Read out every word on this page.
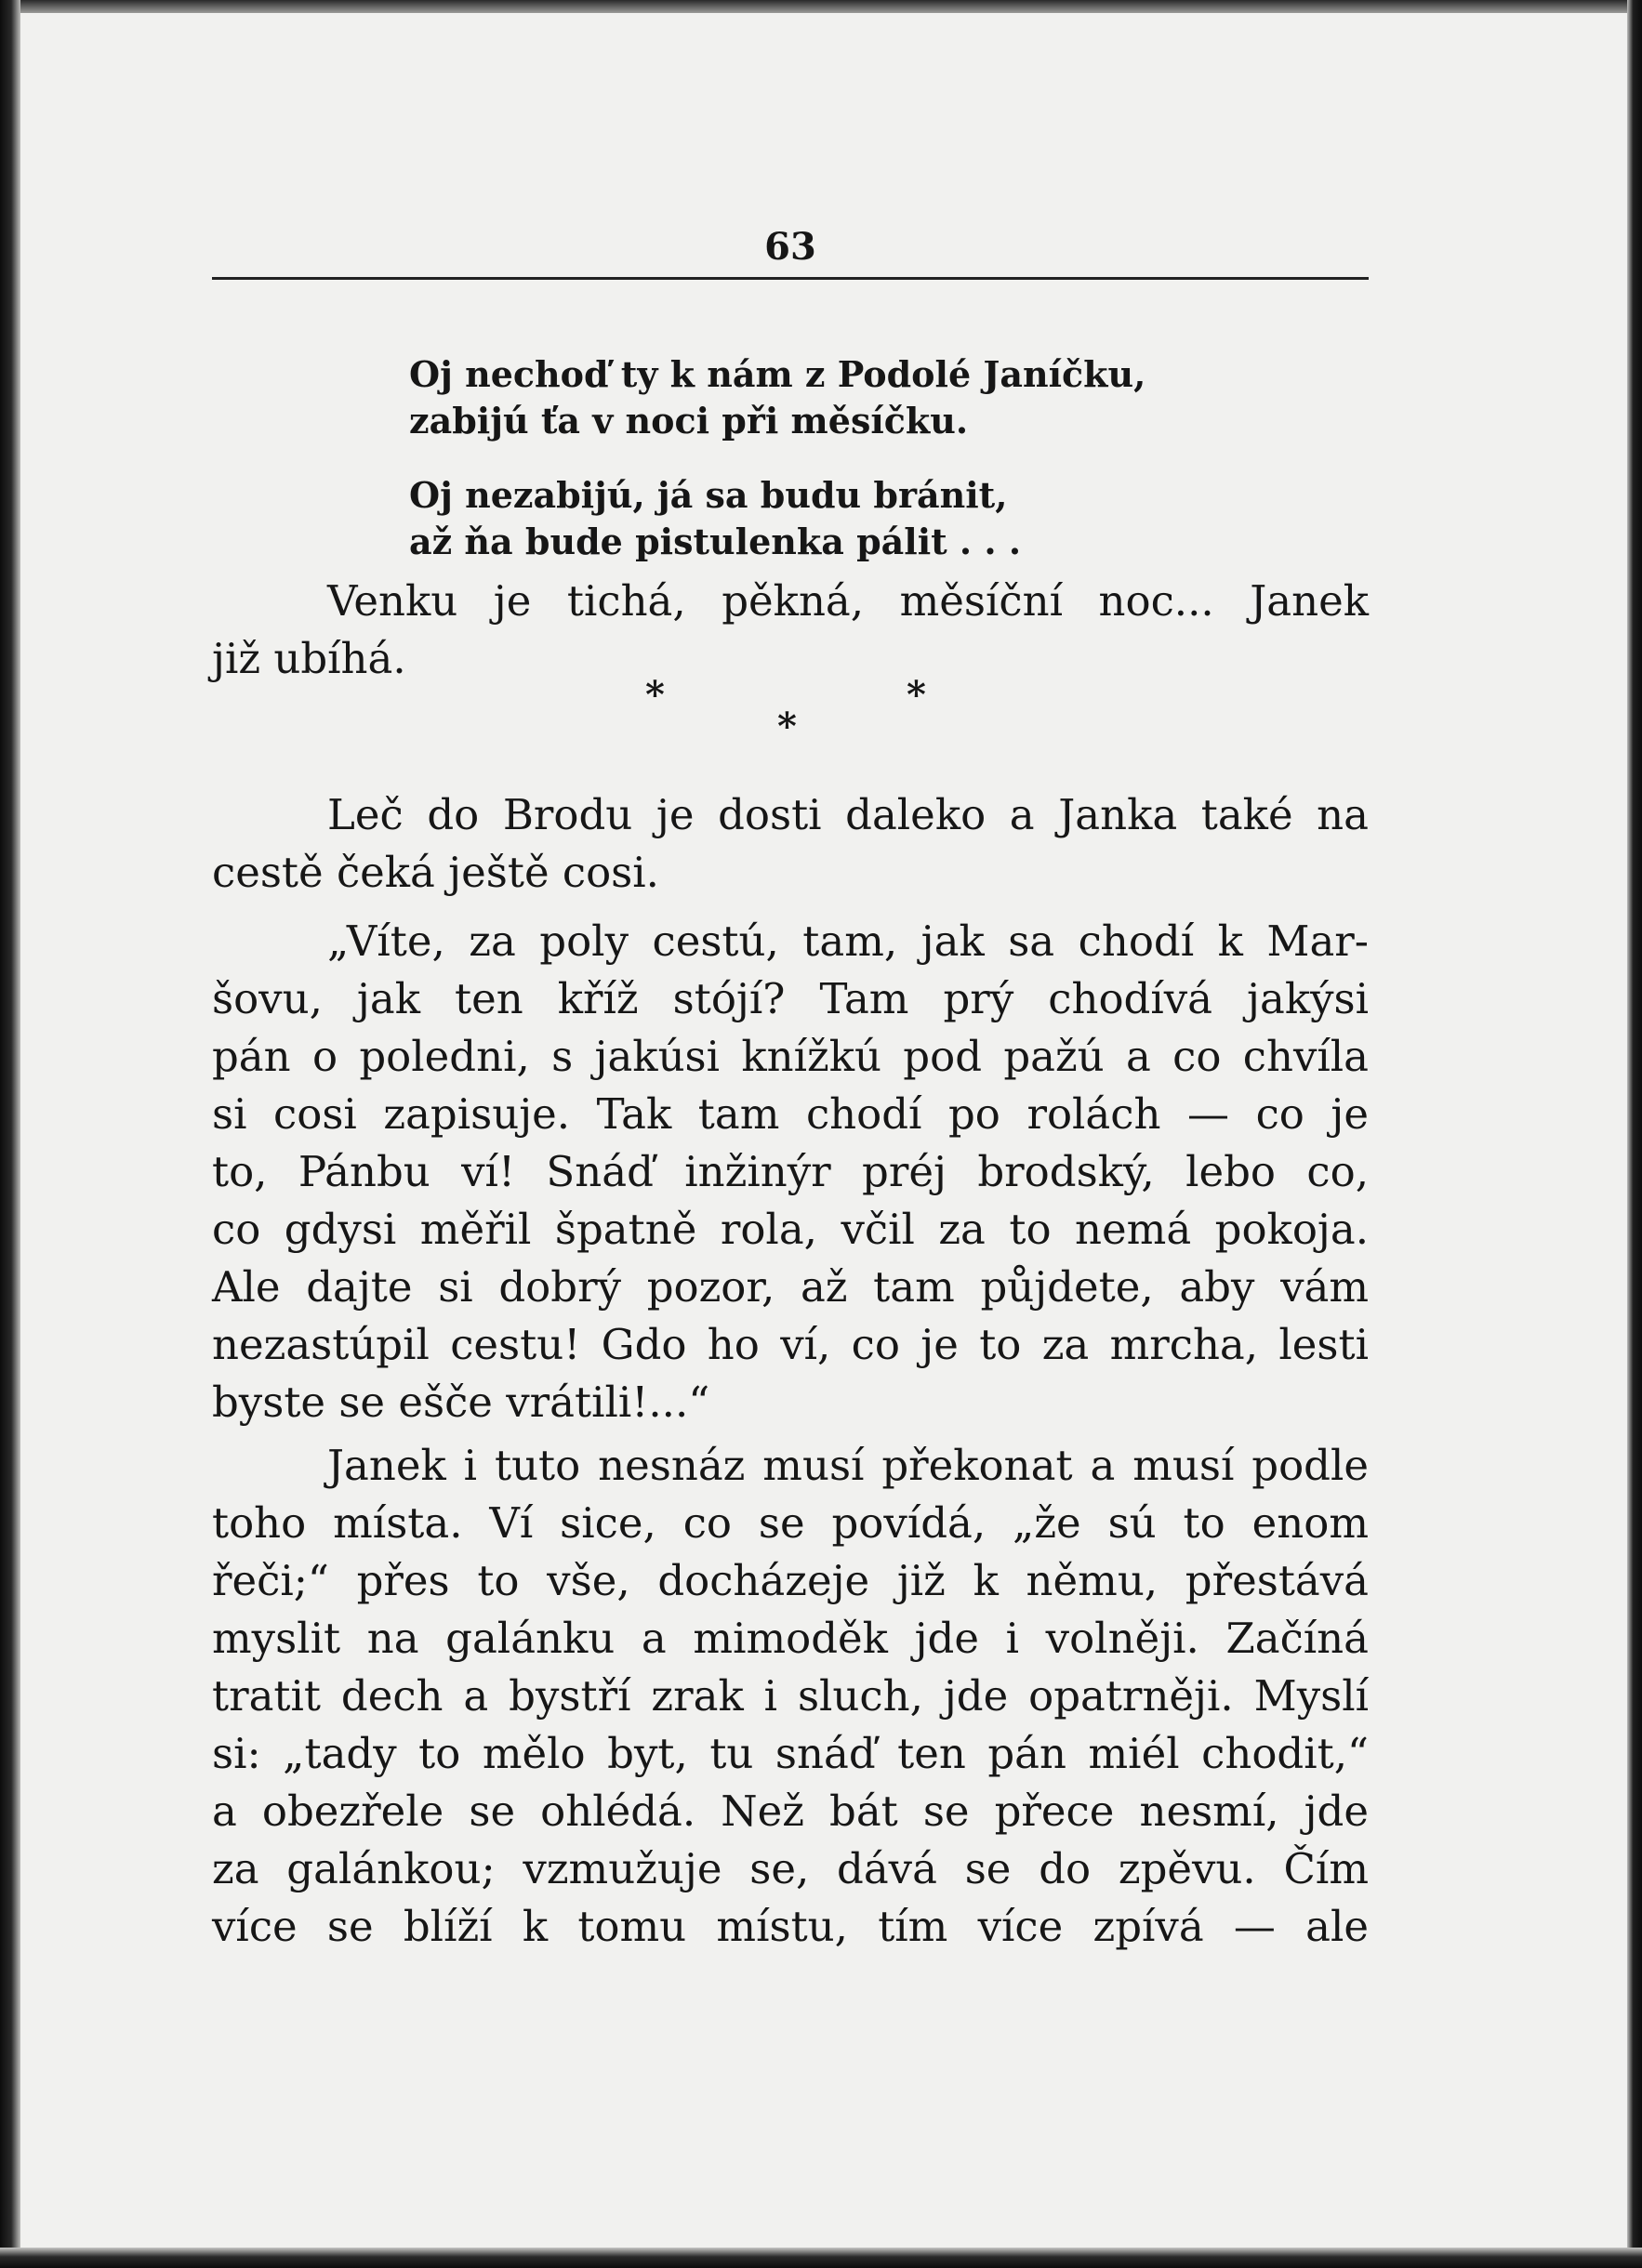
63
Oj nechoď ty k nám z Podolé Janíčku,
zabijú ťa v noci při měsíčku.
Oj nezabijú, já sa budu bránit,
až ňa bude pistulenka pálit . . .
Venku je tichá, pěkná, měsíční noc... Janek
již ubíhá.
*	*
*
Leč do Brodu je dosti daleko a Janka také na
cestě čeká ještě cosi.
„Víte, za poly cestú, tam, jak sa chodí k Mar-
šovu, jak ten kříž stójí? Tam prý chodívá jakýsi
pán o poledni, s jakúsi knížkú pod pažú a co chvíla
si cosi zapisuje. Tak tam chodí po rolách — co je
to, Pánbu ví! Snáď inžinýr préj brodský, lebo co,
co gdysi měřil špatně rola, včil za to nemá pokoja.
Ale dajte si dobrý pozor, až tam půjdete, aby vám
nezastúpil cestu! Gdo ho ví, co je to za mrcha, lesti
byste se ešče vrátili!...“
Janek i tuto nesnáz musí překonat a musí podle
toho místa. Ví sice, co se povídá, „že sú to enom
řeči;“ přes to vše, docházeje již k němu, přestává
myslit na galánku a mimoděk jde i volněji. Začíná
tratit dech a bystří zrak i sluch, jde opatrněji. Myslí
si: „tady to mělo byt, tu snáď ten pán miél chodit,“
a obezřele se ohlédá. Než bát se přece nesmí, jde
za galánkou; vzmužuje se, dává se do zpěvu. Čím
více se blíží k tomu místu, tím více zpívá — ale
